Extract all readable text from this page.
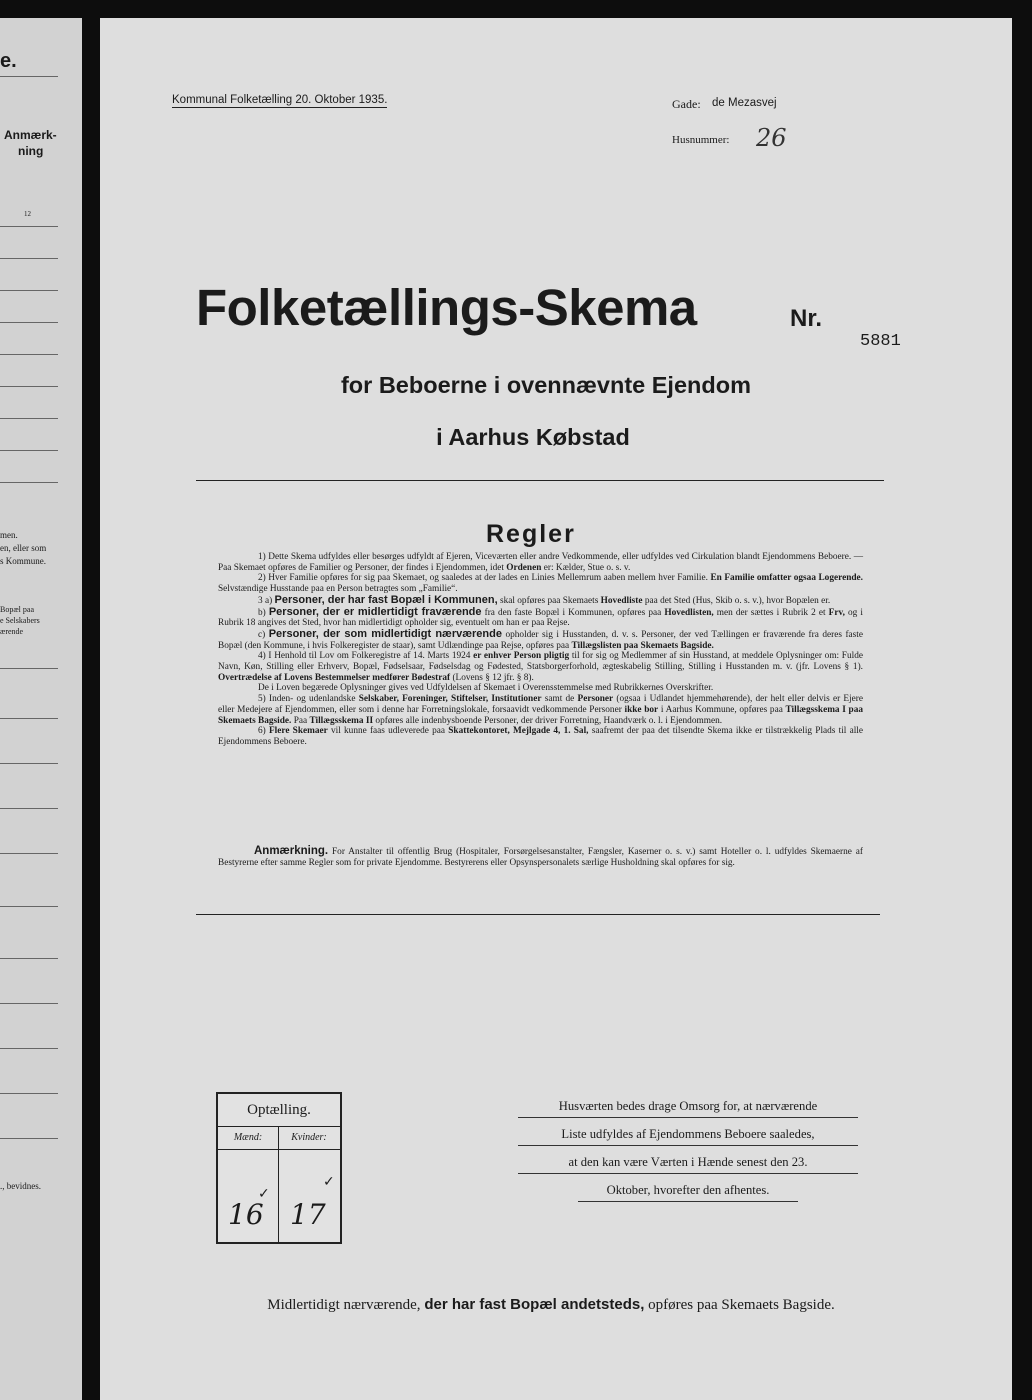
e.
Anmærk-
ning
12
men.
en, eller som
s Kommune.
Bopæl paa
e Selskabers
ærende
., bevidnes.
Kommunal Folketælling 20. Oktober 1935.	Gade: de Mezasvej
Husnummer: 26
Folketællings-Skema	Nr.
5881
for Beboerne i ovennævnte Ejendom
i Aarhus Købstad
Regler

1) Dette Skema udfyldes eller besørges udfyldt af Ejeren, Viceværten eller andre Vedkommende, eller udfyldes ved Cirkulation blandt Ejendommens Beboere. — Paa Skemaet opføres de Familier og Personer, der findes i Ejendommen, idet Ordenen er: Kælder, Stue o. s. v.

2) Hver Familie opføres for sig paa Skemaet, og saaledes at der lades en Linies Mellemrum aaben mellem hver Familie. En Familie omfatter ogsaa Logerende. Selvstændige Husstande paa en Person betragtes som „Familie“.

3 a) Personer, der har fast Bopæl i Kommunen, skal opføres paa Skemaets Hovedliste paa det Sted (Hus, Skib o. s. v.), hvor Bopælen er.

b) Personer, der er midlertidigt fraværende fra den faste Bopæl i Kommunen, opføres paa Hovedlisten, men der sættes i Rubrik 2 et Frv, og i Rubrik 18 angives det Sted, hvor han midlertidigt opholder sig, eventuelt om han er paa Rejse.

c) Personer, der som midlertidigt nærværende opholder sig i Husstanden, d. v. s. Personer, der ved Tællingen er fraværende fra deres faste Bopæl (den Kommune, i hvis Folkeregister de staar), samt Udlændinge paa Rejse, opføres paa Tillægslisten paa Skemaets Bagside.

4) I Henhold til Lov om Folkeregistre af 14. Marts 1924 er enhver Person pligtig til for sig og Medlemmer af sin Husstand, at meddele Oplysninger om: Fulde Navn, Køn, Stilling eller Erhverv, Bopæl, Fødselsaar, Fødselsdag og Fødested, Statsborgerforhold, ægteskabelig Stilling, Stilling i Husstanden m. v. (jfr. Lovens § 1). Overtrædelse af Lovens Bestemmelser medfører Bødestraf (Lovens § 12 jfr. § 8).

De i Loven begærede Oplysninger gives ved Udfyldelsen af Skemaet i Overensstemmelse med Rubrikkernes Overskrifter.

5) Inden- og udenlandske Selskaber, Foreninger, Stiftelser, Institutioner samt de Personer (ogsaa i Udlandet hjemmehørende), der helt eller delvis er Ejere eller Medejere af Ejendommen, eller som i denne har Forretningslokale, forsaavidt vedkommende Personer ikke bor i Aarhus Kommune, opføres paa Tillægsskema I paa Skemaets Bagside. Paa Tillægsskema II opføres alle indenbysboende Personer, der driver Forretning, Haandværk o. l. i Ejendommen.

6) Flere Skemaer vil kunne faas udleverede paa Skattekontoret, Mejlgade 4, 1. Sal, saafremt der paa det tilsendte Skema ikke er tilstrækkelig Plads til alle Ejendommens Beboere.

Anmærkning. For Anstalter til offentlig Brug (Hospitaler, Forsørgelsesanstalter, Fængsler, Kaserner o. s. v.) samt Hoteller o. l. udfyldes Skemaerne af Bestyrerne efter samme Regler som for private Ejendomme. Bestyrerens eller Opsynspersonalets særlige Husholdning skal opføres for sig.
Optælling.
Mænd:	Kvinder:
16 17
✓
✓
Husværten bedes drage Omsorg for, at nærværende
Liste udfyldes af Ejendommens Beboere saaledes,
at den kan være Værten i Hænde senest den 23.
Oktober, hvorefter den afhentes.
Midlertidigt nærværende, der har fast Bopæl andetsteds, opføres paa Skemaets Bagside.
